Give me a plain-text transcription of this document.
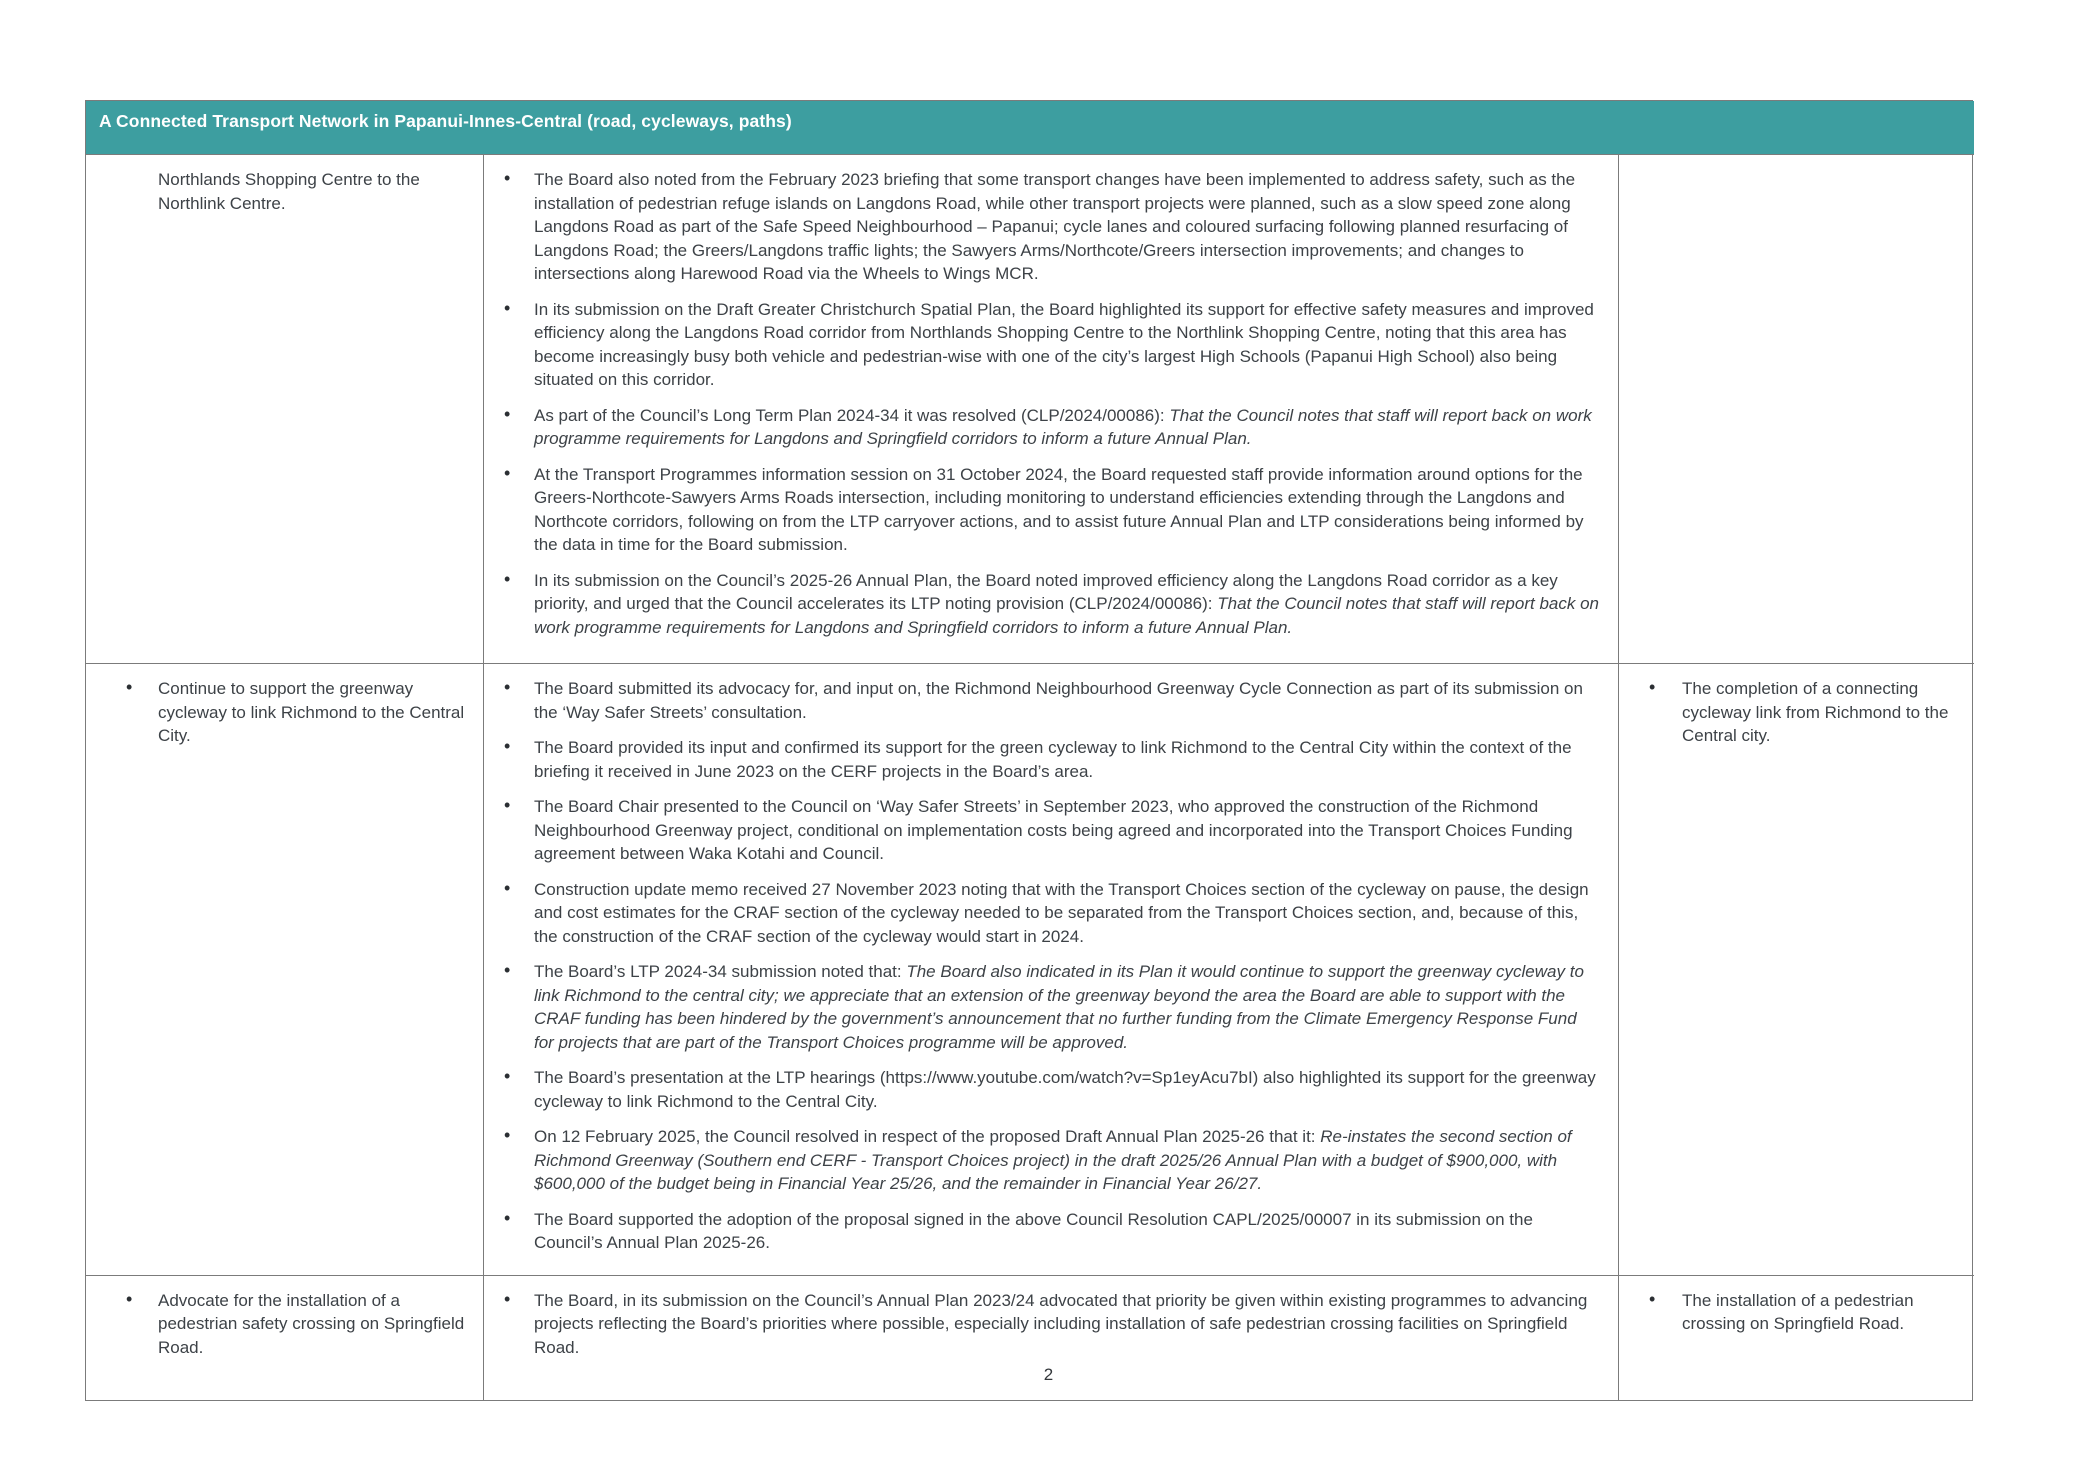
A Connected Transport Network in Papanui-Innes-Central (road, cycleways, paths)
Northlands Shopping Centre to the Northlink Centre.
• The Board also noted from the February 2023 briefing that some transport changes have been implemented to address safety, such as the installation of pedestrian refuge islands on Langdons Road, while other transport projects were planned, such as a slow speed zone along Langdons Road as part of the Safe Speed Neighbourhood – Papanui; cycle lanes and coloured surfacing following planned resurfacing of Langdons Road; the Greers/Langdons traffic lights; the Sawyers Arms/Northcote/Greers intersection improvements; and changes to intersections along Harewood Road via the Wheels to Wings MCR.
• In its submission on the Draft Greater Christchurch Spatial Plan, the Board highlighted its support for effective safety measures and improved efficiency along the Langdons Road corridor from Northlands Shopping Centre to the Northlink Shopping Centre, noting that this area has become increasingly busy both vehicle and pedestrian-wise with one of the city’s largest High Schools (Papanui High School) also being situated on this corridor.
• As part of the Council’s Long Term Plan 2024-34 it was resolved (CLP/2024/00086): That the Council notes that staff will report back on work programme requirements for Langdons and Springfield corridors to inform a future Annual Plan.
• At the Transport Programmes information session on 31 October 2024, the Board requested staff provide information around options for the Greers-Northcote-Sawyers Arms Roads intersection, including monitoring to understand efficiencies extending through the Langdons and Northcote corridors, following on from the LTP carryover actions, and to assist future Annual Plan and LTP considerations being informed by the data in time for the Board submission.
• In its submission on the Council’s 2025-26 Annual Plan, the Board noted improved efficiency along the Langdons Road corridor as a key priority, and urged that the Council accelerates its LTP noting provision (CLP/2024/00086): That the Council notes that staff will report back on work programme requirements for Langdons and Springfield corridors to inform a future Annual Plan.
• Continue to support the greenway cycleway to link Richmond to the Central City.
• The Board submitted its advocacy for, and input on, the Richmond Neighbourhood Greenway Cycle Connection as part of its submission on the ‘Way Safer Streets’ consultation.
• The Board provided its input and confirmed its support for the green cycleway to link Richmond to the Central City within the context of the briefing it received in June 2023 on the CERF projects in the Board’s area.
• The Board Chair presented to the Council on ‘Way Safer Streets’ in September 2023, who approved the construction of the Richmond Neighbourhood Greenway project, conditional on implementation costs being agreed and incorporated into the Transport Choices Funding agreement between Waka Kotahi and Council.
• Construction update memo received 27 November 2023 noting that with the Transport Choices section of the cycleway on pause, the design and cost estimates for the CRAF section of the cycleway needed to be separated from the Transport Choices section, and, because of this, the construction of the CRAF section of the cycleway would start in 2024.
• The Board’s LTP 2024-34 submission noted that: The Board also indicated in its Plan it would continue to support the greenway cycleway to link Richmond to the central city; we appreciate that an extension of the greenway beyond the area the Board are able to support with the CRAF funding has been hindered by the government’s announcement that no further funding from the Climate Emergency Response Fund for projects that are part of the Transport Choices programme will be approved.
• The Board’s presentation at the LTP hearings (https://www.youtube.com/watch?v=Sp1eyAcu7bI) also highlighted its support for the greenway cycleway to link Richmond to the Central City.
• On 12 February 2025, the Council resolved in respect of the proposed Draft Annual Plan 2025-26 that it: Re-instates the second section of Richmond Greenway (Southern end CERF - Transport Choices project) in the draft 2025/26 Annual Plan with a budget of $900,000, with $600,000 of the budget being in Financial Year 25/26, and the remainder in Financial Year 26/27.
• The Board supported the adoption of the proposal signed in the above Council Resolution CAPL/2025/00007 in its submission on the Council’s Annual Plan 2025-26.
• The completion of a connecting cycleway link from Richmond to the Central city.
• Advocate for the installation of a pedestrian safety crossing on Springfield Road.
• The Board, in its submission on the Council’s Annual Plan 2023/24 advocated that priority be given within existing programmes to advancing projects reflecting the Board’s priorities where possible, especially including installation of safe pedestrian crossing facilities on Springfield Road.
• The installation of a pedestrian crossing on Springfield Road.
2
